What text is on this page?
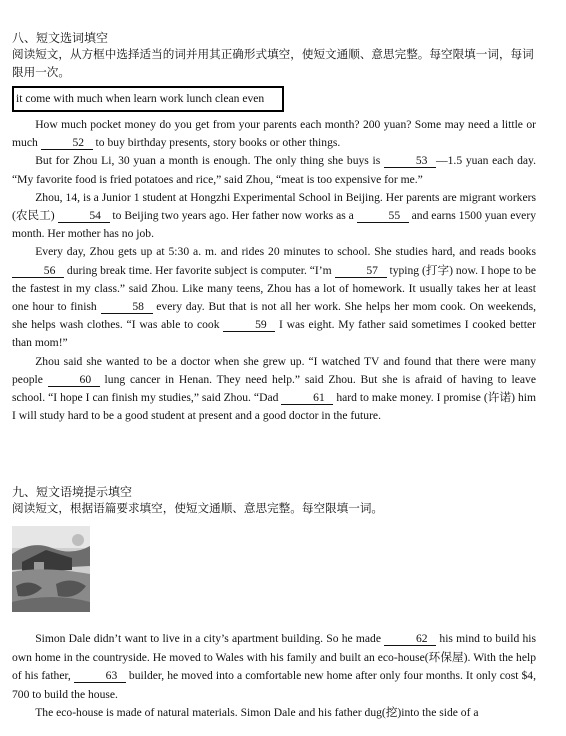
八、短文选词填空

阅读短文，从方框中选择适当的词并用其正确形式填空，使短文通顺、意思完整。每空限填一词，每词限用一次。

it come with much when learn work lunch clean even

How much pocket money do you get from your parents each month? 200 yuan? Some may need a little or much	52 to buy birthday presents, story books or other things.

But for Zhou Li, 30 yuan a month is enough. The only thing she buys is	53 —1.5 yuan each day. “My favorite food is fried potatoes and rice,” said Zhou, “meat is too expensive for me.”

Zhou, 14, is a Junior 1 student at Hongzhi Experimental School in Beijing. Her parents are migrant workers (农民工)	54 to Beijing two years ago. Her father now works as a	55 and earns 1500 yuan every month. Her mother has no job.

Every day, Zhou gets up at 5:30 a. m. and rides 20 minutes to school. She studies hard, and reads books 56 during break time. Her favorite subject is computer. “I’m	57 typing (打字) now. I hope to be the fastest in my class.” said Zhou. Like many teens, Zhou has a lot of homework. It usually takes her at least one hour to finish	58 every day. But that is not all her work. She helps her mom cook. On weekends, she helps wash clothes. “I was able to cook	59 I was eight. My father said sometimes I cooked better than mom!”

Zhou said she wanted to be a doctor when she grew up. “I watched TV and found that there were many people	60 lung cancer in Henan. They need help.” said Zhou. But she is afraid of having to leave school. “I hope I can finish my studies,” said Zhou. “Dad	61 hard to make money. I promise (许诺) him I will study hard to be a good student at present and a good doctor in the future.

九、短文语境提示填空

阅读短文，根据语篇要求填空，使短文通顺、意思完整。每空限填一词。

Simon Dale didn’t want to live in a city’s apartment building. So he made	62 his mind to build his own home in the countryside. He moved to Wales with his family and built an eco-house(环保屋). With the help of his father,	63 builder, he moved into a comfortable new home after only four months. It only cost $4, 700 to build the house.

The eco-house is made of natural materials. Simon Dale and his father dug(挖)into the side of a
